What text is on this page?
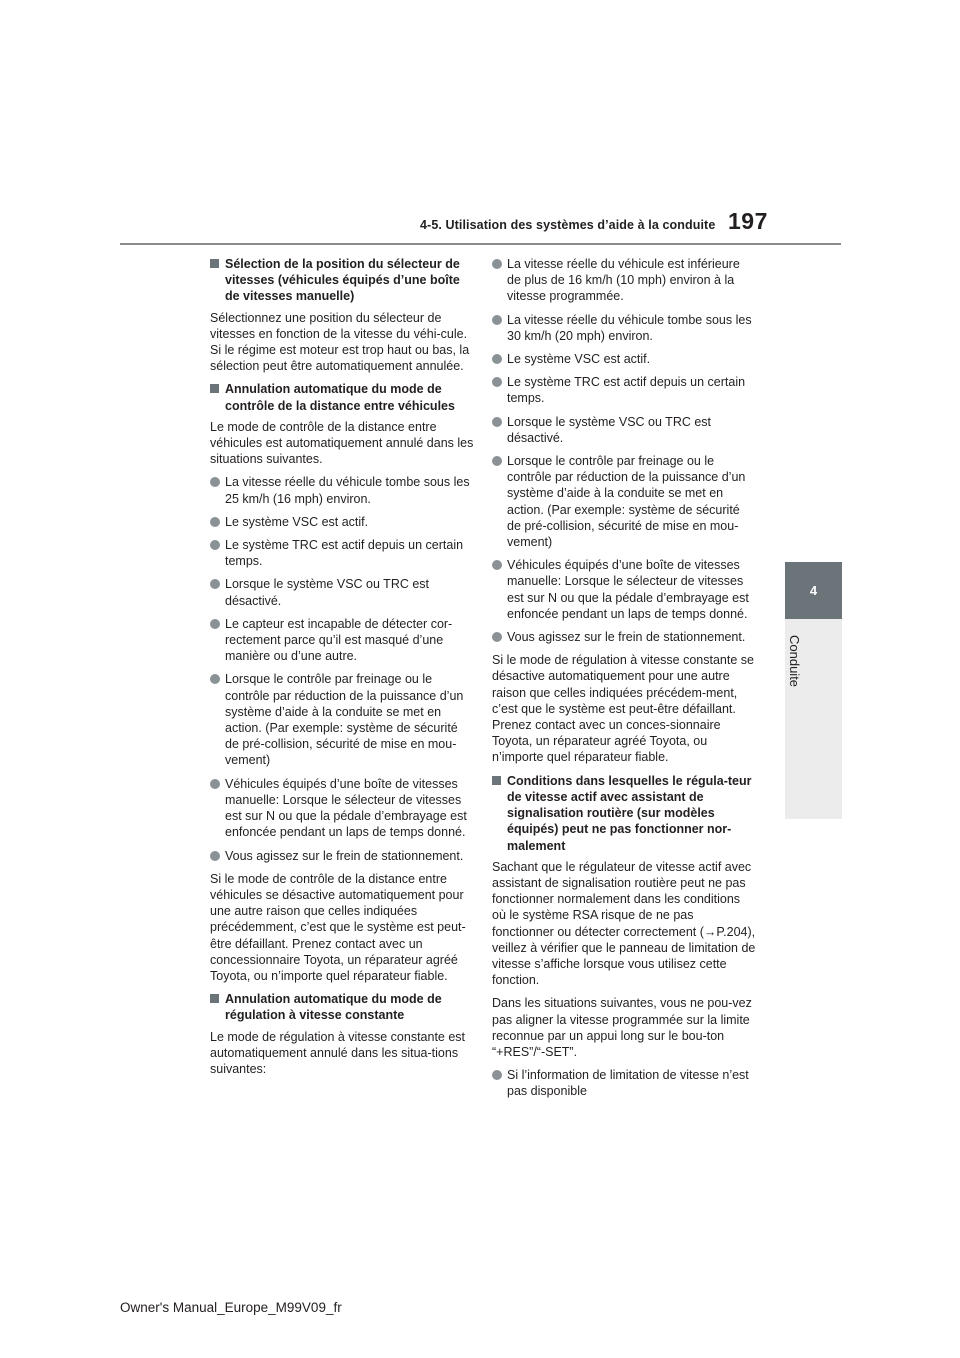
4-5. Utilisation des systèmes d’aide à la conduite 197
4
Conduite
Sélection de la position du sélecteur de vitesses (véhicules équipés d’une boîte de vitesses manuelle)

Sélectionnez une position du sélecteur de vitesses en fonction de la vitesse du véhi-cule. Si le régime est moteur est trop haut ou bas, la sélection peut être automatiquement annulée.

Annulation automatique du mode de contrôle de la distance entre véhicules

Le mode de contrôle de la distance entre véhicules est automatiquement annulé dans les situations suivantes.

La vitesse réelle du véhicule tombe sous les 25 km/h (16 mph) environ.
Le système VSC est actif.
Le système TRC est actif depuis un certain temps.
Lorsque le système VSC ou TRC est désactivé.
Le capteur est incapable de détecter cor-rectement parce qu’il est masqué d’une manière ou d’une autre.
Lorsque le contrôle par freinage ou le contrôle par réduction de la puissance d’un système d’aide à la conduite se met en action. (Par exemple: système de sécurité de pré-collision, sécurité de mise en mou-vement)
Véhicules équipés d’une boîte de vitesses manuelle: Lorsque le sélecteur de vitesses est sur N ou que la pédale d’embrayage est enfoncée pendant un laps de temps donné.
Vous agissez sur le frein de stationnement.

Si le mode de contrôle de la distance entre véhicules se désactive automatiquement pour une autre raison que celles indiquées précédemment, c’est que le système est peut-être défaillant. Prenez contact avec un concessionnaire Toyota, un réparateur agréé Toyota, ou n’importe quel réparateur fiable.

Annulation automatique du mode de régulation à vitesse constante

Le mode de régulation à vitesse constante est automatiquement annulé dans les situa-tions suivantes:

La vitesse réelle du véhicule est inférieure de plus de 16 km/h (10 mph) environ à la vitesse programmée.
La vitesse réelle du véhicule tombe sous les 30 km/h (20 mph) environ.
Le système VSC est actif.
Le système TRC est actif depuis un certain temps.
Lorsque le système VSC ou TRC est désactivé.
Lorsque le contrôle par freinage ou le contrôle par réduction de la puissance d’un système d’aide à la conduite se met en action. (Par exemple: système de sécurité de pré-collision, sécurité de mise en mou-vement)
Véhicules équipés d’une boîte de vitesses manuelle: Lorsque le sélecteur de vitesses est sur N ou que la pédale d’embrayage est enfoncée pendant un laps de temps donné.
Vous agissez sur le frein de stationnement.

Si le mode de régulation à vitesse constante se désactive automatiquement pour une autre raison que celles indiquées précédem-ment, c’est que le système est peut-être défaillant. Prenez contact avec un conces-sionnaire Toyota, un réparateur agréé Toyota, ou n’importe quel réparateur fiable.

Conditions dans lesquelles le régula-teur de vitesse actif avec assistant de signalisation routière (sur modèles équipés) peut ne pas fonctionner nor-malement

Sachant que le régulateur de vitesse actif avec assistant de signalisation routière peut ne pas fonctionner normalement dans les conditions où le système RSA risque de ne pas fonctionner ou détecter correctement (→P.204), veillez à vérifier que le panneau de limitation de vitesse s’affiche lorsque vous utilisez cette fonction.

Dans les situations suivantes, vous ne pou-vez pas aligner la vitesse programmée sur la limite reconnue par un appui long sur le bou-ton “+RES”/“-SET”.

Si l’information de limitation de vitesse n’est pas disponible
Owner's Manual_Europe_M99V09_fr
